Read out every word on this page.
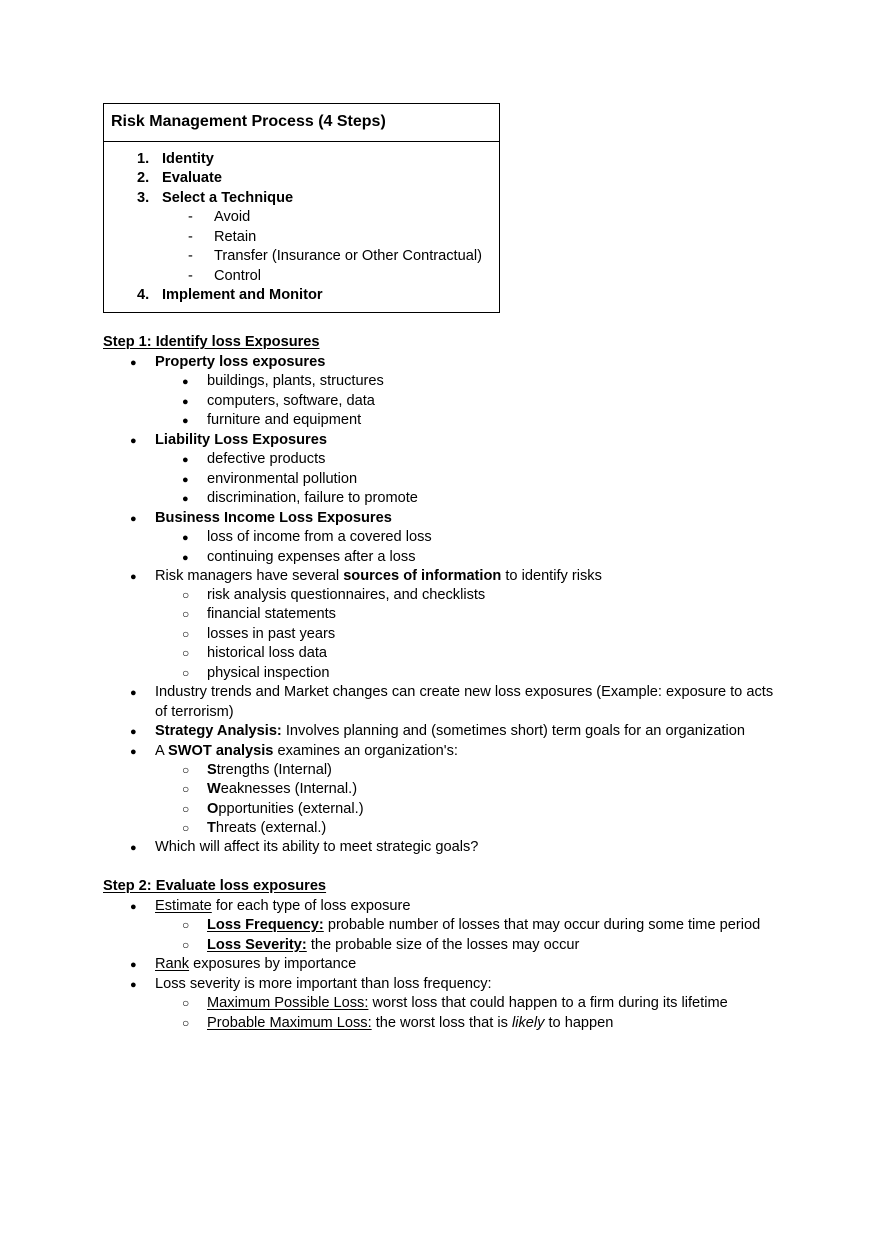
Risk Management Process (4 Steps)
1. Identity
2. Evaluate
3. Select a Technique
- Avoid
- Retain
- Transfer (Insurance or Other Contractual)
- Control
4. Implement and Monitor
Step 1: Identify loss Exposures
●
Property loss exposures
●
buildings, plants, structures
●
computers, software, data
●
furniture and equipment
●
Liability Loss Exposures
●
defective products
●
environmental pollution
●
discrimination, failure to promote
●
Business Income Loss Exposures
●
loss of income from a covered loss
●
continuing expenses after a loss
●
Risk managers have several sources of information to identify risks
○
risk analysis questionnaires, and checklists
○
financial statements
○
losses in past years
○
historical loss data
○
physical inspection
●
Industry trends and Market changes can create new loss exposures (Example: exposure to acts
of terrorism)
●
Strategy Analysis: Involves planning and (sometimes short) term goals for an organization
●
A SWOT analysis examines an organization's:
○
Strengths (Internal)
○
Weaknesses (Internal.)
○
Opportunities (external.)
○
Threats (external.)
●
Which will affect its ability to meet strategic goals?
Step 2: Evaluate loss exposures
●
Estimate for each type of loss exposure
○
Loss Frequency: probable number of losses that may occur during some time period
○
Loss Severity: the probable size of the losses may occur
●
Rank exposures by importance
●
Loss severity is more important than loss frequency:
○
Maximum Possible Loss: worst loss that could happen to a firm during its lifetime
○
Probable Maximum Loss: the worst loss that is likely to happen
